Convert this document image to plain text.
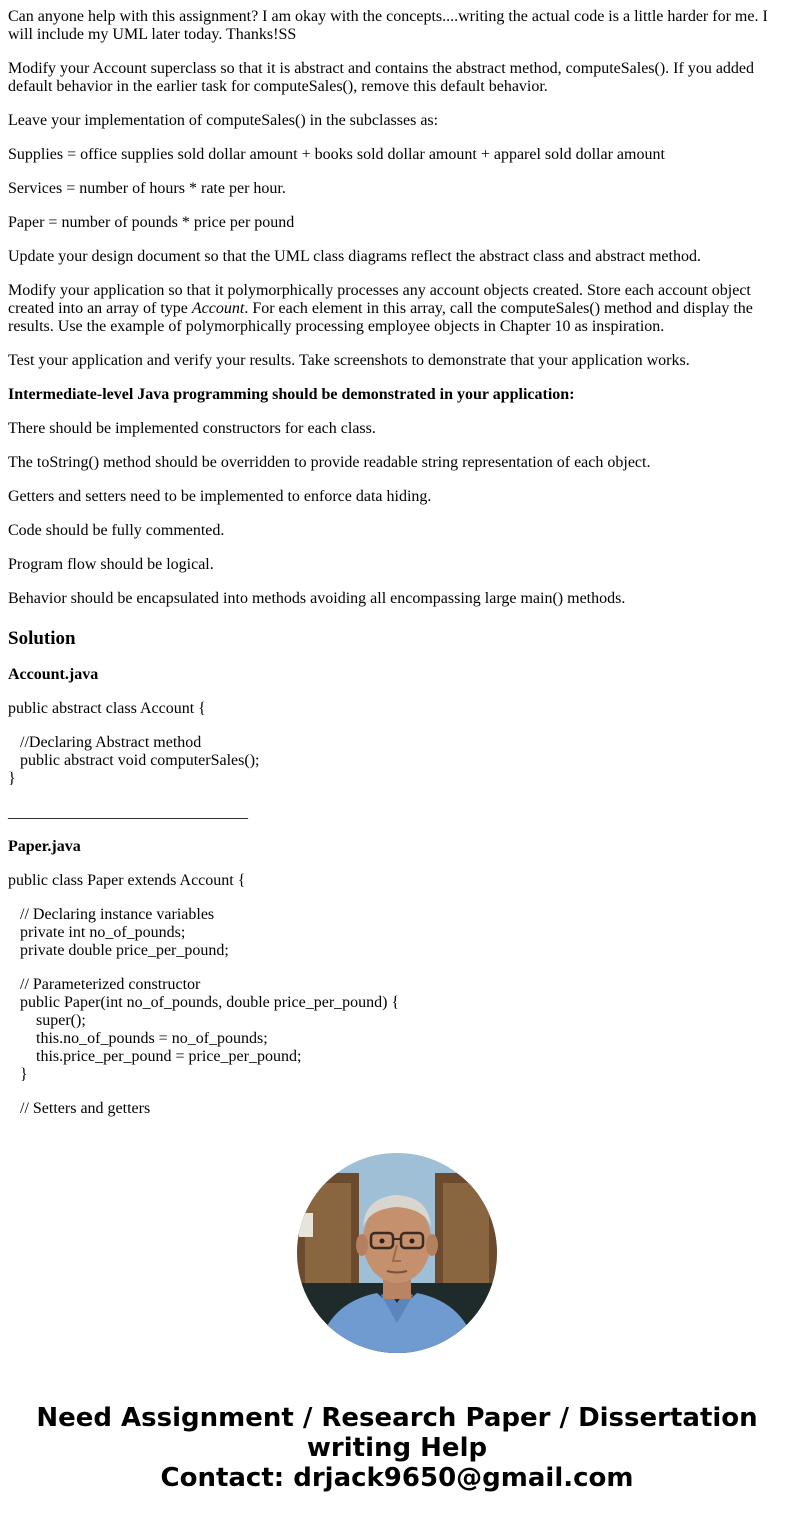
Can anyone help with this assignment? I am okay with the concepts....writing the actual code is a little harder for me. I will include my UML later today. Thanks!SS

Modify your Account superclass so that it is abstract and contains the abstract method, computeSales(). If you added default behavior in the earlier task for computeSales(), remove this default behavior.

Leave your implementation of computeSales() in the subclasses as:

Supplies = office supplies sold dollar amount + books sold dollar amount + apparel sold dollar amount

Services = number of hours * rate per hour.

Paper = number of pounds * price per pound

Update your design document so that the UML class diagrams reflect the abstract class and abstract method.

Modify your application so that it polymorphically processes any account objects created. Store each account object created into an array of type Account. For each element in this array, call the computeSales() method and display the results. Use the example of polymorphically processing employee objects in Chapter 10 as inspiration.

Test your application and verify your results. Take screenshots to demonstrate that your application works.

Intermediate-level Java programming should be demonstrated in your application:

There should be implemented constructors for each class.

The toString() method should be overridden to provide readable string representation of each object.

Getters and setters need to be implemented to enforce data hiding.

Code should be fully commented.

Program flow should be logical.

Behavior should be encapsulated into methods avoiding all encompassing large main() methods.

Solution
Account.java

public abstract class Account {

//Declaring Abstract method
public abstract void computerSales();
}
______________________________
Paper.java

public class Paper extends Account {

// Declaring instance variables
private int no_of_pounds;
private double price_per_pound;
// Parameterized constructor
public Paper(int no_of_pounds, double price_per_pound) {
super();
this.no_of_pounds = no_of_pounds;
this.price_per_pound = price_per_pound;
}
// Setters and getters
Need Assignment / Research Paper / Dissertation
writing Help
Contact: drjack9650@gmail.com
